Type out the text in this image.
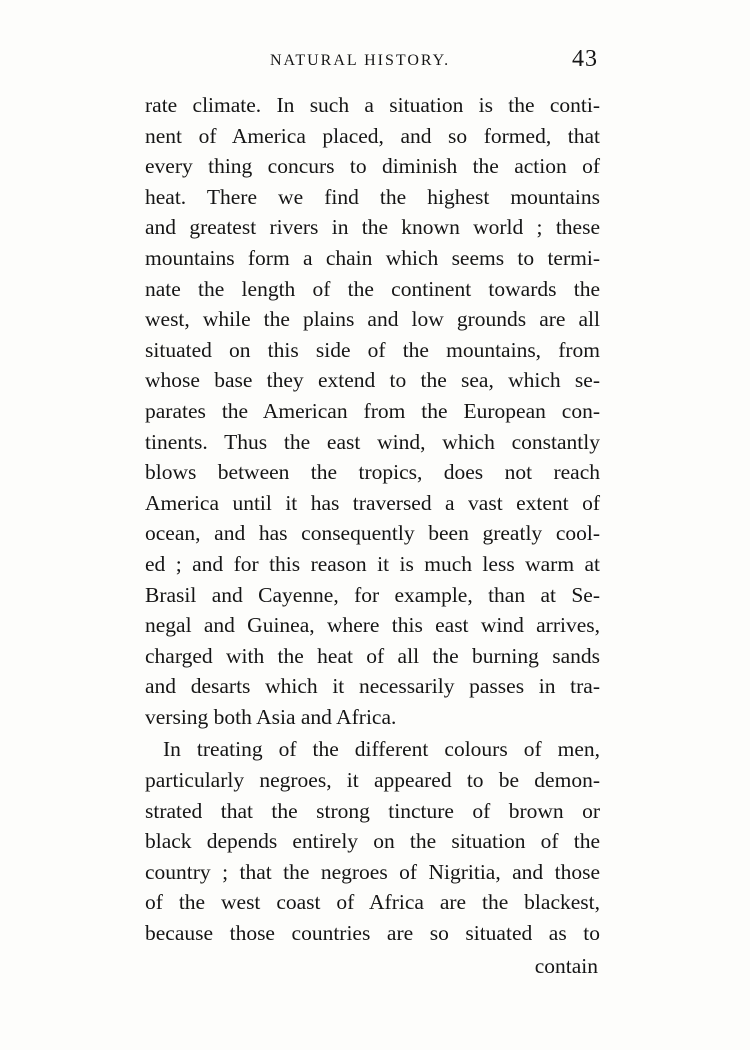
NATURAL HISTORY.	43
rate climate. In such a situation is the conti-
nent of America placed, and so formed, that
every thing concurs to diminish the action of
heat. There we find the highest mountains
and greatest rivers in the known world ; these
mountains form a chain which seems to termi-
nate the length of the continent towards the
west, while the plains and low grounds are all
situated on this side of the mountains, from
whose base they extend to the sea, which se-
parates the American from the European con-
tinents. Thus the east wind, which constantly
blows between the tropics, does not reach
America until it has traversed a vast extent of
ocean, and has consequently been greatly cool-
ed ; and for this reason it is much less warm at
Brasil and Cayenne, for example, than at Se-
negal and Guinea, where this east wind arrives,
charged with the heat of all the burning sands
and desarts which it necessarily passes in tra-
versing both Asia and Africa.
In treating of the different colours of men,
particularly negroes, it appeared to be demon-
strated that the strong tincture of brown or
black depends entirely on the situation of the
country ; that the negroes of Nigritia, and those
of the west coast of Africa are the blackest,
because those countries are so situated as to
contain
